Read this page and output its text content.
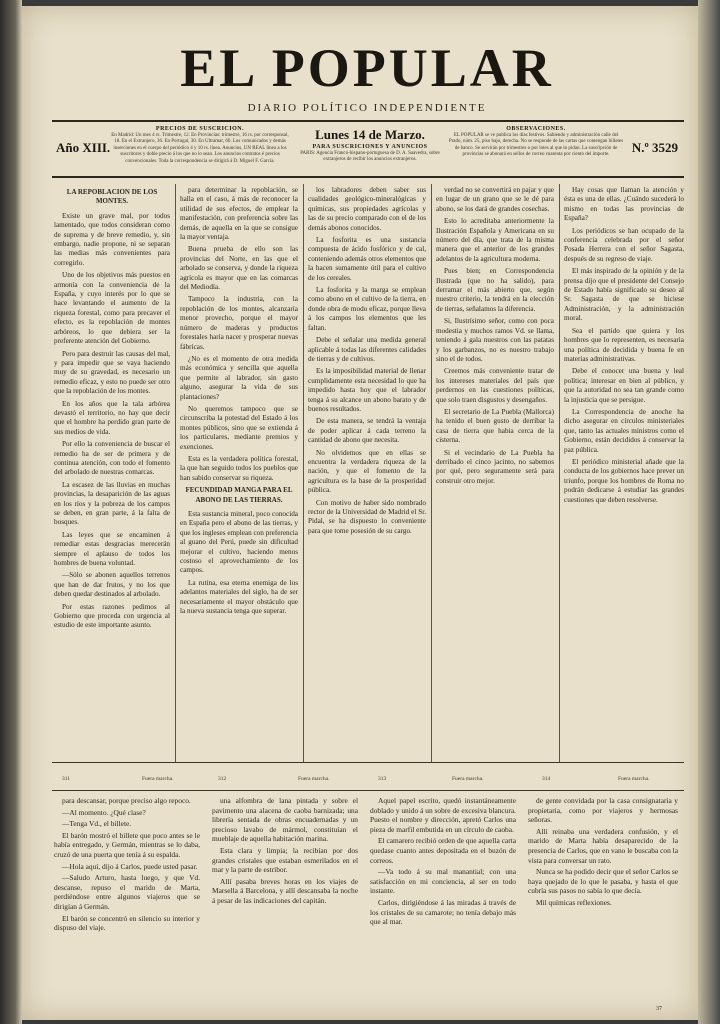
EL POPULAR
DIARIO POLÍTICO INDEPENDIENTE
Año XIII.
PRECIOS DE SUSCRICION.
En Madrid: Un mes 4 rs. Trimestre, 12. En Provincias: trimestre, 16 rs. por corresponsal, 18. En el Extranjero, 36. En Portugal, 30. En Ultramar, 60. Los comunicados y demás inserciones en el cuerpo del periódico 4 y 10 rs. línea. Anuncios, UN REAL línea a los suscritores y doble precio á los que no lo sean. Los anuncios contratos é precios convencionales. Toda la correspondencia se dirigirá á D. Miguel F. García.
Lunes 14 de Marzo.
PARA SUSCRICIONES Y ANUNCIOS
PARIS: Agencia Franco-hispano-portuguesa de D. A. Saavedra, sobre extranjeros de recibir los anuncios extranjeros.
OBSERVACIONES.
EL POPULAR se ve publica los días festivos. Sabiendo y administración calle del Prado, núm. 25, piso bajo, derecha. No se responde de las cartas que contengan billetes de banco. Se servirán por trimestres o por lotes al que lo pidan. La suscripción de provincias se abonará en sellos de correo cuarenta por ciento del importe.	N.º 3529
LA REPOBLACION DE LOS MONTES.

Existe un grave mal, por todos lamentado, que todos consideran como de suprema y de breve remedio, y, sin embargo, nadie propone, ni se separan las medias más convenientes para corregirlo.

Uno de los objetivos más puestos en armonía con la conveniencia de la España, y cuyo interés por lo que se hace levantando el aumento de la riqueza forestal, como para precaver el efecto, es la repoblación de montes arbóreos, lo que debiera ser la preferente atención del Gobierno.

Pero para destruir las causas del mal, y para impedir que se vaya haciendo muy de su gravedad, es necesario un remedio eficaz, y esto no puede ser otro que la repoblación de los montes.

En los años que la tala arbórea devastó el territorio, no hay que decir que el hombre ha perdido gran parte de sus medios de vida.

Por ello la conveniencia de buscar el remedio ha de ser de primera y de continua atención, con todo el fomento del arbolado de nuestras comarcas.

La escasez de las lluvias en muchas provincias, la desaparición de las aguas en los ríos y la pobreza de los campos se deben, en gran parte, á la falta de bosques.

Las leyes que se encaminen á remediar estas desgracias merecerán siempre el aplauso de todos los hombres de buena voluntad.

—Sólo se abonen aquellos terrenos que han de dar frutos, y no los que deben quedar destinados al arbolado.

Por estas razones pedimos al Gobierno que proceda con urgencia al estudio de este importante asunto.

para determinar la repoblación, se halla en el caso, á más de reconocer la utilidad de sus efectos, de emplear la manifestación, con preferencia sobre las demás, de aquella en la que se consigue la mayor ventaja.

Buena prueba de ello son las provincias del Norte, en las que el arbolado se conserva, y donde la riqueza agrícola es mayor que en las comarcas del Mediodía.

Tampoco la industria, con la repoblación de los montes, alcanzaría menor provecho, porque el mayor número de maderas y productos forestales haría nacer y prosperar nuevas fábricas.

¿No es el momento de otra medida más económica y sencilla que aquella que permite al labrador, sin gasto alguno, asegurar la vida de sus plantaciones?

No queremos tampoco que se circunscriba la potestad del Estado á los montes públicos, sino que se extienda á los particulares, mediante premios y exenciones.

Esta es la verdadera política forestal, la que han seguido todos los pueblos que han sabido conservar su riqueza.

FECUNDIDAD MANGA PARA EL ABONO DE LAS TIERRAS.

Esta sustancia mineral, poco conocida en España pero el abono de las tierras, y que los ingleses emplean con preferencia al guano del Perú, puede sin dificultad mejorar el cultivo, haciendo menos costoso el aprovechamiento de los campos.

La rutina, esa eterna enemiga de los adelantos materiales del siglo, ha de ser necesariamente el mayor obstáculo que la nueva sustancia tenga que superar.

los labradores deben saber sus cualidades geológico-mineralógicas y químicas, sus propiedades agrícolas y las de su precio comparado con el de los demás abonos conocidos.

La fosforita es una sustancia compuesta de ácido fosfórico y de cal, conteniendo además otros elementos que la hacen sumamente útil para el cultivo de los cereales.

La fosforita y la marga se emplean como abono en el cultivo de la tierra, en donde obra de modo eficaz, porque lleva á los campos los elementos que les faltan.

Debe el señalar una medida general aplicable á todas las diferentes calidades de tierras y de cultivos.

Es la imposibilidad material de llenar cumplidamente esta necesidad lo que ha impedido hasta hoy que el labrador tenga á su alcance un abono barato y de buenos resultados.

De esta manera, se tendrá la ventaja de poder aplicar á cada terreno la cantidad de abono que necesita.

No olvidemos que en ellas se encuentra la verdadera riqueza de la nación, y que el fomento de la agricultura es la base de la prosperidad pública.

Con motivo de haber sido nombrado rector de la Universidad de Madrid el Sr. Pidal, se ha dispuesto lo conveniente para que tome posesión de su cargo.

verdad no se convertirá en pajar y que en lugar de un grano que se le dé para abono, se los dará de grandes cosechas.

Esto lo acreditaba anteriormente la Ilustración Española y Americana en su número del día, que trata de la misma manera que el anterior de los grandes adelantos de la agricultura moderna.

Pues bien; en Correspondencia Ilustrada (que no ha salido), para derramar el más abierto que, según nuestro criterio, la tendrá en la elección de tierras, señalamos la diferencia.

Si, Ilustrísimo señor, como con poca modestia y muchos ramos Vd. se llama, teniendo á gala nuestros con las patatas y los garbanzos, no es nuestro trabajo sino el de todos.

Creemos más conveniente tratar de los intereses materiales del país que perdernos en las cuestiones políticas, que solo traen disgustos y desengaños.

El secretario de La Puebla (Mallorca) ha tenido el buen gusto de derribar la casa de tierra que habia cerca de la cisterna.

Si el vecindario de La Puebla ha derribado el cinco jacinto, no sabemos por qué, pero seguramente será para construir otro mejor.

Hay cosas que llaman la atención y ésta es una de ellas. ¿Cuándo sucederá lo mismo en todas las provincias de España?

Los periódicos se han ocupado de la conferencia celebrada por el señor Posada Herrera con el señor Sagasta, después de su regreso de viaje.

El más inspirado de la opinión y de la prensa dijo que el presidente del Consejo de Estado había significado su deseo al Sr. Sagasta de que se hiciese Administración, y la administración moral.

Sea el partido que quiera y los hombres que lo representen, es necesaria una política de decidida y buena fe en materias administrativas.

Debe el conocer una buena y leal política; interesar en bien al público, y que la autoridad no sea tan grande como la injusticia que se persigue.

La Correspondencia de anoche ha dicho asegurar en círculos ministeriales que, tanto las actuales ministros como el Gobierno, están decididos á conservar la paz pública.

El periódico ministerial añade que la conducta de los gobiernos hace prever un triunfo, porque los hombres de Roma no podrán dedicarse á estudiar las grandes cuestiones que deben resolverse.

311	Fuera marcha.	312	Fuera marcha.	313	Fuera marcha.	314	Fuera marcha.

para descansar, porque preciso algo repoco.

—Al momento. ¿Qué clase?

—Tenga Vd., el billete.

El barón mostró el billete que poco antes se le había entregado, y Germán, mientras se lo daba, cruzó de una puerta que tenía á su espalda.

—Hola aquí, dijo á Carlos, puede usted pasar.

—Saludo Arturo, hasta luego, y que Vd. descanse, repuso el marido de Marta, perdiéndose entre algunos viajeros que se dirigían á Germán.

El barón se concentró en silencio su interior y dispuso del viaje.

una alfombra de lana pintada y sobre el pavimento una alacena de caoba barnizada; una librería sentada de obras encuadernadas y un precioso lavabo de mármol, constituían el mueblaje de aquella habitación marina.

Esta clara y limpia; la recibían por dos grandes cristales que estaban esmerilados en el mar y la parte de estribor.

Allí pasaba breves horas en los viajes de Marsella á Barcelona, y allí descansaba la noche á pesar de las indicaciones del capitán.

Aquel papel escrito, quedó instantáneamente doblado y unido á un sobre de excesiva blancura. Puesto el nombre y dirección, apretó Carlos una pieza de marfil embutida en un círculo de caoba.

El camarero recibió orden de que aquella carta quedase cuanto antes depositada en el buzón de correos.

—Va todo á su mal manantial; con una satisfacción en mi conciencia, al ser en todo instante.

Carlos, dirigiéndose á las miradas á través de los cristales de su camarote; no tenía debajo más que al mar.

de gente convidada por la casa consignataria y propietaria, como por viajeros y hermosas señoras.

Allí reinaba una verdadera confusión, y el marido de Marta había desaparecido de la presencia de Carlos, que en vano le buscaba con la vista para conversar un rato.

Nunca se ha podido decir que el señor Carlos se haya quejado de lo que le pasaba, y hasta el que cubría sus pasos no sabía lo que decía.

Mil químicas reflexiones.

37
